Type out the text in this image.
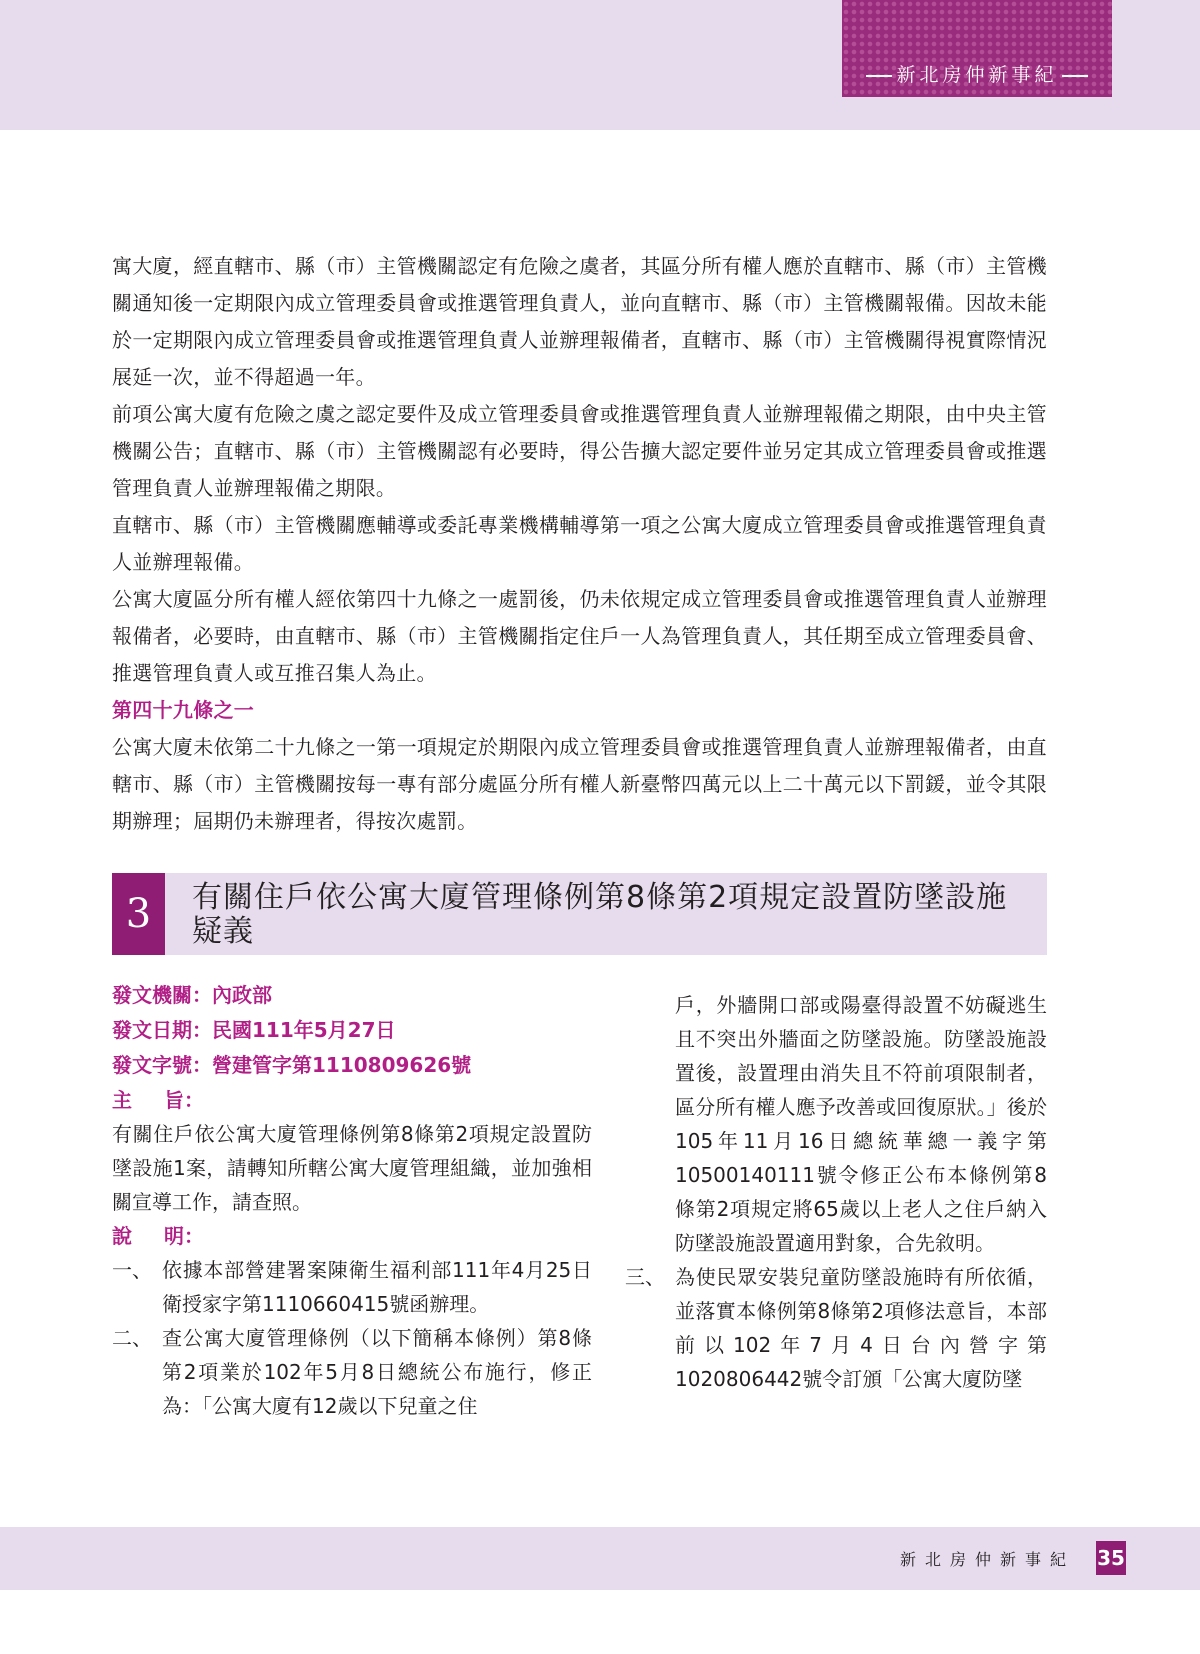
新北房仲新事紀

寓大廈，經直轄市、縣（市）主管機關認定有危險之虞者，其區分所有權人應於直轄市、縣（市）主管機關通知後一定期限內成立管理委員會或推選管理負責人，並向直轄市、縣（市）主管機關報備。因故未能於一定期限內成立管理委員會或推選管理負責人並辦理報備者，直轄市、縣（市）主管機關得視實際情況展延一次，並不得超過一年。

前項公寓大廈有危險之虞之認定要件及成立管理委員會或推選管理負責人並辦理報備之期限，由中央主管機關公告；直轄市、縣（市）主管機關認有必要時，得公告擴大認定要件並另定其成立管理委員會或推選管理負責人並辦理報備之期限。

直轄市、縣（市）主管機關應輔導或委託專業機構輔導第一項之公寓大廈成立管理委員會或推選管理負責人並辦理報備。

公寓大廈區分所有權人經依第四十九條之一處罰後，仍未依規定成立管理委員會或推選管理負責人並辦理報備者，必要時，由直轄市、縣（市）主管機關指定住戶一人為管理負責人，其任期至成立管理委員會、推選管理負責人或互推召集人為止。

第四十九條之一

公寓大廈未依第二十九條之一第一項規定於期限內成立管理委員會或推選管理負責人並辦理報備者，由直轄市、縣（市）主管機關按每一專有部分處區分所有權人新臺幣四萬元以上二十萬元以下罰鍰，並令其限期辦理；屆期仍未辦理者，得按次處罰。

3	有關住戶依公寓大廈管理條例第8條第2項規定設置防墜設施疑義

發文機關：內政部

發文日期：民國111年5月27日

發文字號：營建管字第1110809626號

主 旨：

有關住戶依公寓大廈管理條例第8條第2項規定設置防墜設施1案，請轉知所轄公寓大廈管理組織，並加強相關宣導工作，請查照。

說 明：

一、 依據本部營建署案陳衛生福利部111年4月25日衛授家字第1110660415號函辦理。
二、 查公寓大廈管理條例（以下簡稱本條例）第8條第2項業於102年5月8日總統公布施行，修正為：「公寓大廈有12歲以下兒童之住

戶，外牆開口部或陽臺得設置不妨礙逃生且不突出外牆面之防墜設施。防墜設施設置後，設置理由消失且不符前項限制者，區分所有權人應予改善或回復原狀。」後於105年11月16日總統華總一義字第10500140111號令修正公布本條例第8條第2項規定將65歲以上老人之住戶納入防墜設施設置適用對象，合先敘明。

三、 為使民眾安裝兒童防墜設施時有所依循，並落實本條例第8條第2項修法意旨，本部前以102年7月4日台內營字第1020806442號令訂頒「公寓大廈防墜
新北房仲新事紀 35
